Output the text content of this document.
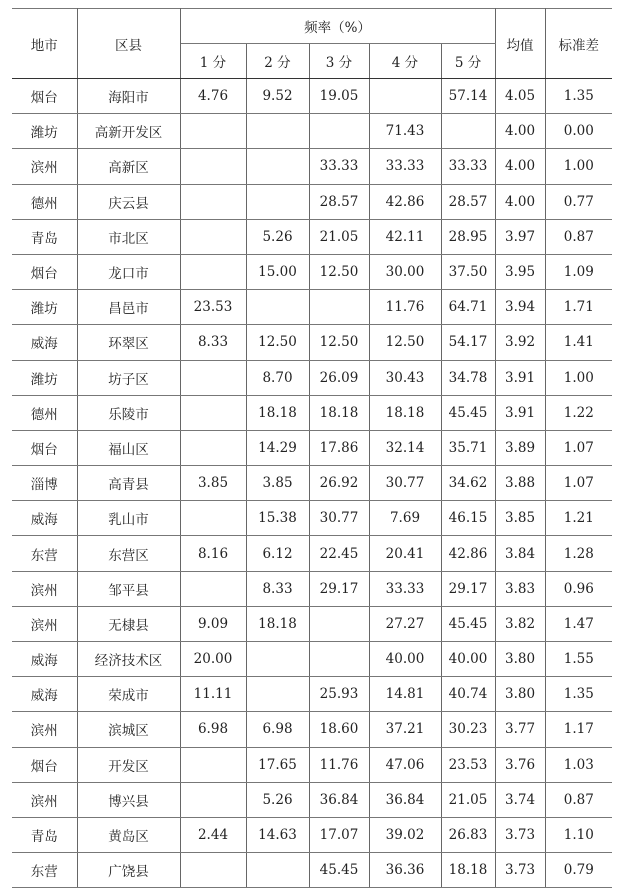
地市	区县	频率（%）					均值	标准差
		1 分	2 分	3 分	4 分	5 分		
烟台	海阳市	4.76	9.52	19.05		57.14	4.05	1.35
潍坊	高新开发区				71.43		4.00	0.00
滨州	高新区			33.33	33.33	33.33	4.00	1.00
德州	庆云县			28.57	42.86	28.57	4.00	0.77
青岛	市北区		5.26	21.05	42.11	28.95	3.97	0.87
烟台	龙口市		15.00	12.50	30.00	37.50	3.95	1.09
潍坊	昌邑市	23.53			11.76	64.71	3.94	1.71
威海	环翠区	8.33	12.50	12.50	12.50	54.17	3.92	1.41
潍坊	坊子区		8.70	26.09	30.43	34.78	3.91	1.00
德州	乐陵市		18.18	18.18	18.18	45.45	3.91	1.22
烟台	福山区		14.29	17.86	32.14	35.71	3.89	1.07
淄博	高青县	3.85	3.85	26.92	30.77	34.62	3.88	1.07
威海	乳山市		15.38	30.77	7.69	46.15	3.85	1.21
东营	东营区	8.16	6.12	22.45	20.41	42.86	3.84	1.28
滨州	邹平县		8.33	29.17	33.33	29.17	3.83	0.96
滨州	无棣县	9.09	18.18		27.27	45.45	3.82	1.47
威海	经济技术区	20.00			40.00	40.00	3.80	1.55
威海	荣成市	11.11		25.93	14.81	40.74	3.80	1.35
滨州	滨城区	6.98	6.98	18.60	37.21	30.23	3.77	1.17
烟台	开发区		17.65	11.76	47.06	23.53	3.76	1.03
滨州	博兴县		5.26	36.84	36.84	21.05	3.74	0.87
青岛	黄岛区	2.44	14.63	17.07	39.02	26.83	3.73	1.10
东营	广饶县			45.45	36.36	18.18	3.73	0.79
